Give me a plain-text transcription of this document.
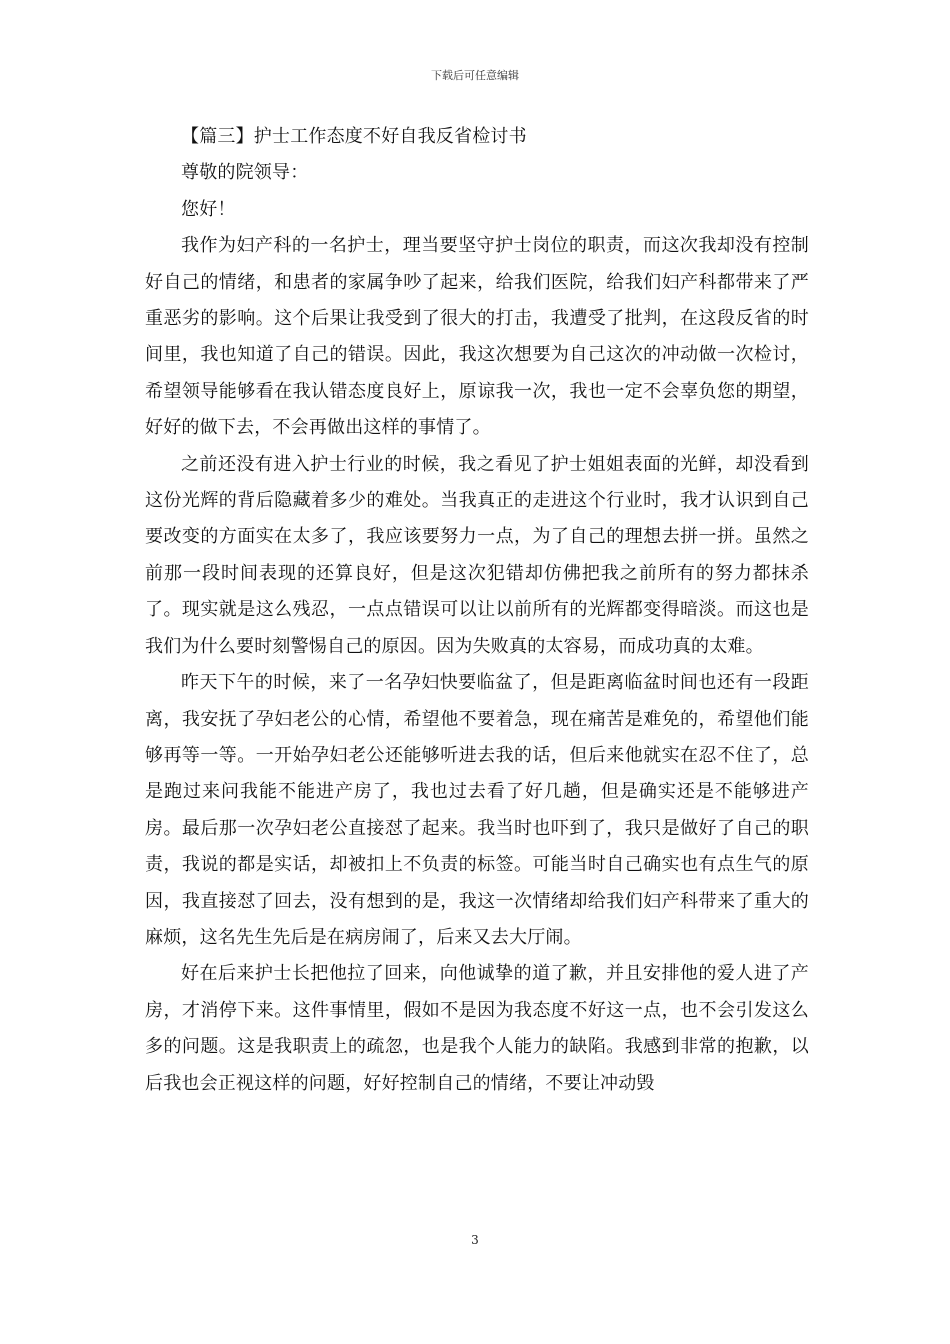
下载后可任意编辑

【篇三】护士工作态度不好自我反省检讨书

尊敬的院领导：

您好！

我作为妇产科的一名护士，理当要坚守护士岗位的职责，而这次我却没有控制好自己的情绪，和患者的家属争吵了起来，给我们医院，给我们妇产科都带来了严重恶劣的影响。这个后果让我受到了很大的打击，我遭受了批判，在这段反省的时间里，我也知道了自己的错误。因此，我这次想要为自己这次的冲动做一次检讨，希望领导能够看在我认错态度良好上，原谅我一次，我也一定不会辜负您的期望，好好的做下去，不会再做出这样的事情了。

之前还没有进入护士行业的时候，我之看见了护士姐姐表面的光鲜，却没看到这份光辉的背后隐藏着多少的难处。当我真正的走进这个行业时，我才认识到自己要改变的方面实在太多了，我应该要努力一点，为了自己的理想去拼一拼。虽然之前那一段时间表现的还算良好，但是这次犯错却仿佛把我之前所有的努力都抹杀了。现实就是这么残忍，一点点错误可以让以前所有的光辉都变得暗淡。而这也是我们为什么要时刻警惕自己的原因。因为失败真的太容易，而成功真的太难。

昨天下午的时候，来了一名孕妇快要临盆了，但是距离临盆时间也还有一段距离，我安抚了孕妇老公的心情，希望他不要着急，现在痛苦是难免的，希望他们能够再等一等。一开始孕妇老公还能够听进去我的话，但后来他就实在忍不住了，总是跑过来问我能不能进产房了，我也过去看了好几趟，但是确实还是不能够进产房。最后那一次孕妇老公直接怼了起来。我当时也吓到了，我只是做好了自己的职责，我说的都是实话，却被扣上不负责的标签。可能当时自己确实也有点生气的原因，我直接怼了回去，没有想到的是，我这一次情绪却给我们妇产科带来了重大的麻烦，这名先生先后是在病房闹了，后来又去大厅闹。

好在后来护士长把他拉了回来，向他诚挚的道了歉，并且安排他的爱人进了产房，才消停下来。这件事情里，假如不是因为我态度不好这一点，也不会引发这么多的问题。这是我职责上的疏忽，也是我个人能力的缺陷。我感到非常的抱歉，以后我也会正视这样的问题，好好控制自己的情绪，不要让冲动毁

3
